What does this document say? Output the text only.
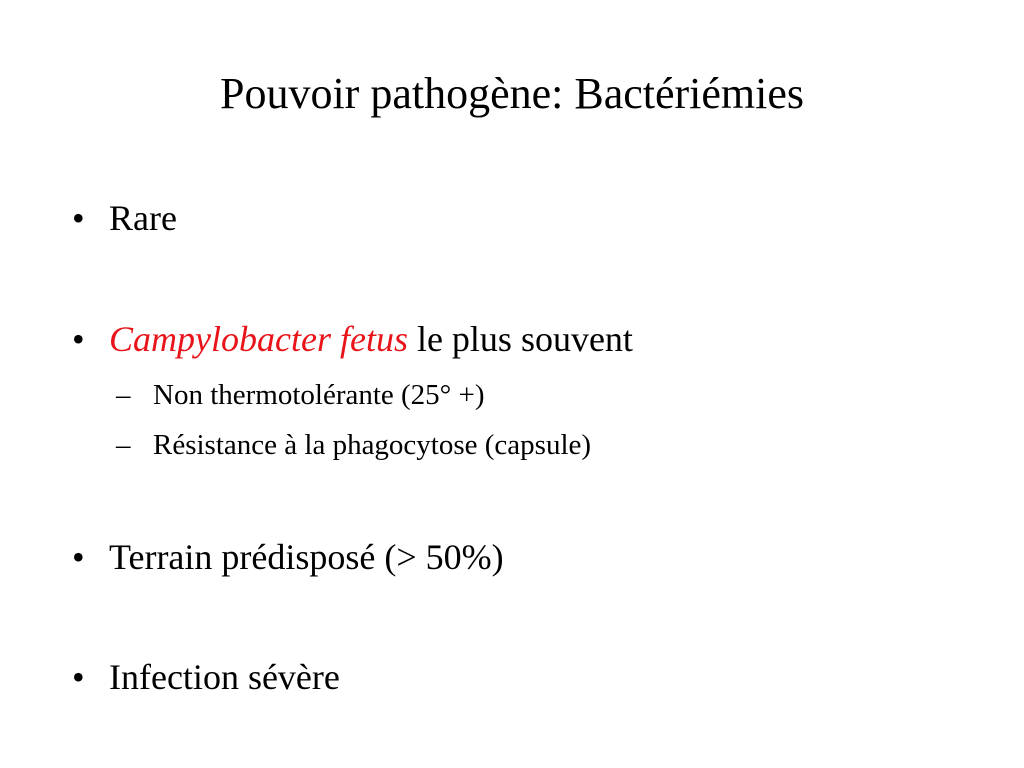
Pouvoir pathogène: Bactériémies
• Rare
• Campylobacter fetus le plus souvent
– Non thermotolérante (25° +)
– Résistance à la phagocytose (capsule)
• Terrain prédisposé (> 50%)
• Infection sévère
